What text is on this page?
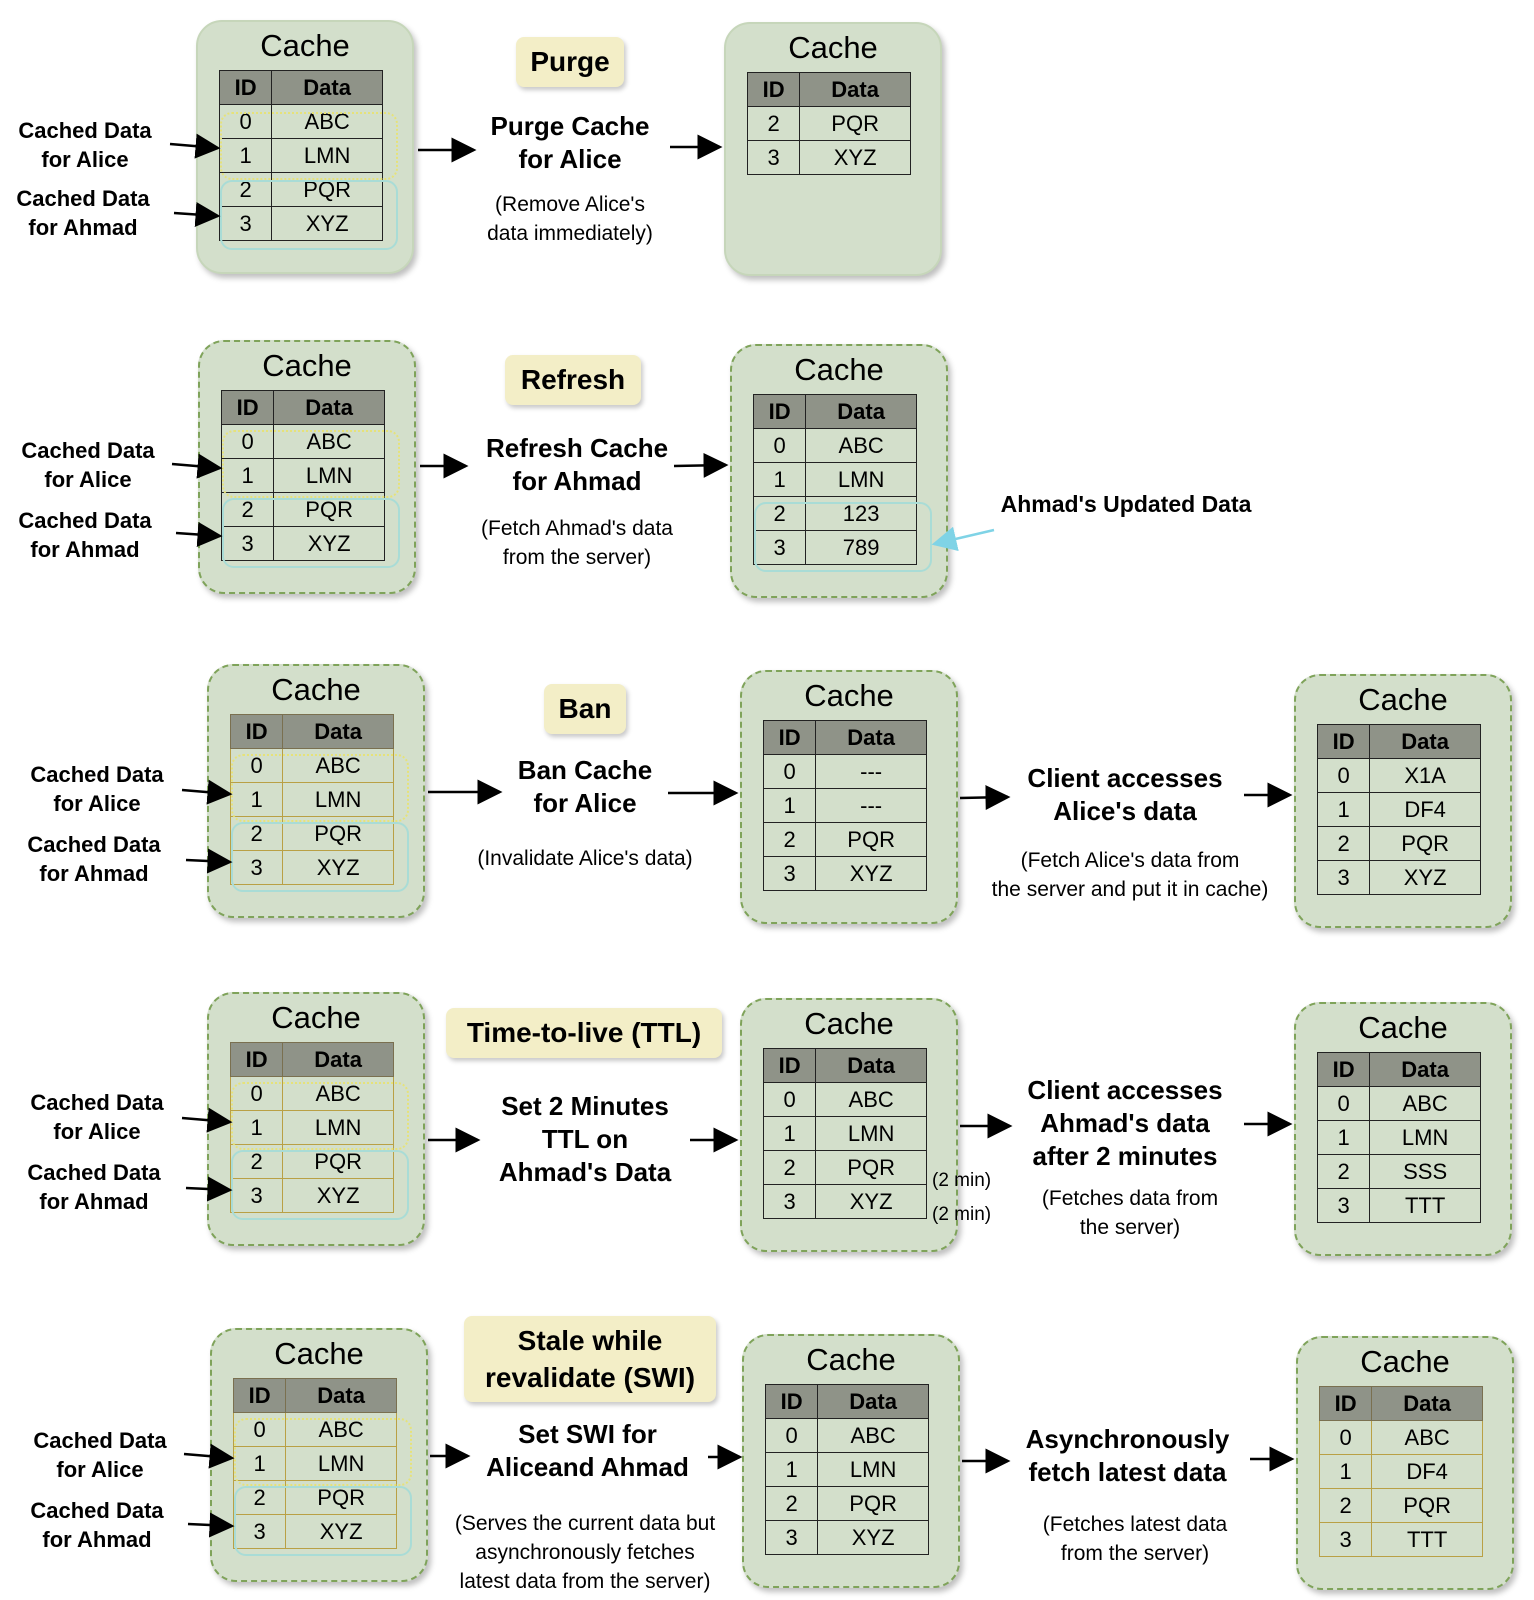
Cache
ID	Data
0	ABC
1	LMN
2	PQR
3	XYZ
Cached Data
for Alice
Cached Data
for Ahmad
Purge
Purge Cache
for Alice
(Remove Alice's
data immediately)
Cache
ID	Data
2	PQR
3	XYZ
Cache
ID	Data
0	ABC
1	LMN
2	PQR
3	XYZ
Cached Data
for Alice
Cached Data
for Ahmad
Refresh
Refresh Cache
for Ahmad
(Fetch Ahmad's data
from the server)
Cache
ID	Data
0	ABC
1	LMN
2	123
3	789
Ahmad's Updated Data
Cache
ID	Data
0	ABC
1	LMN
2	PQR
3	XYZ
Cached Data
for Alice
Cached Data
for Ahmad
Ban
Ban Cache
for Alice
(Invalidate Alice's data)
Cache
ID	Data
0	---
1	---
2	PQR
3	XYZ
Client accesses
Alice's data
(Fetch Alice's data from
the server and put it in cache)
Cache
ID	Data
0	X1A
1	DF4
2	PQR
3	XYZ
Cache
ID	Data
0	ABC
1	LMN
2	PQR
3	XYZ
Cached Data
for Alice
Cached Data
for Ahmad
Time-to-live (TTL)
Set 2 Minutes
TTL on
Ahmad's Data
Cache
ID	Data
0	ABC
1	LMN
2	PQR
3	XYZ
(2 min)
(2 min)
Client accesses
Ahmad's data
after 2 minutes
(Fetches data from
the server)
Cache
ID	Data
0	ABC
1	LMN
2	SSS
3	TTT
Cache
ID	Data
0	ABC
1	LMN
2	PQR
3	XYZ
Cached Data
for Alice
Cached Data
for Ahmad
Stale while
revalidate (SWI)
Set SWI for
Aliceand Ahmad
(Serves the current data but
asynchronously fetches
latest data from the server)
Cache
ID	Data
0	ABC
1	LMN
2	PQR
3	XYZ
Asynchronously
fetch latest data
(Fetches latest data
from the server)
Cache
ID	Data
0	ABC
1	DF4
2	PQR
3	TTT
